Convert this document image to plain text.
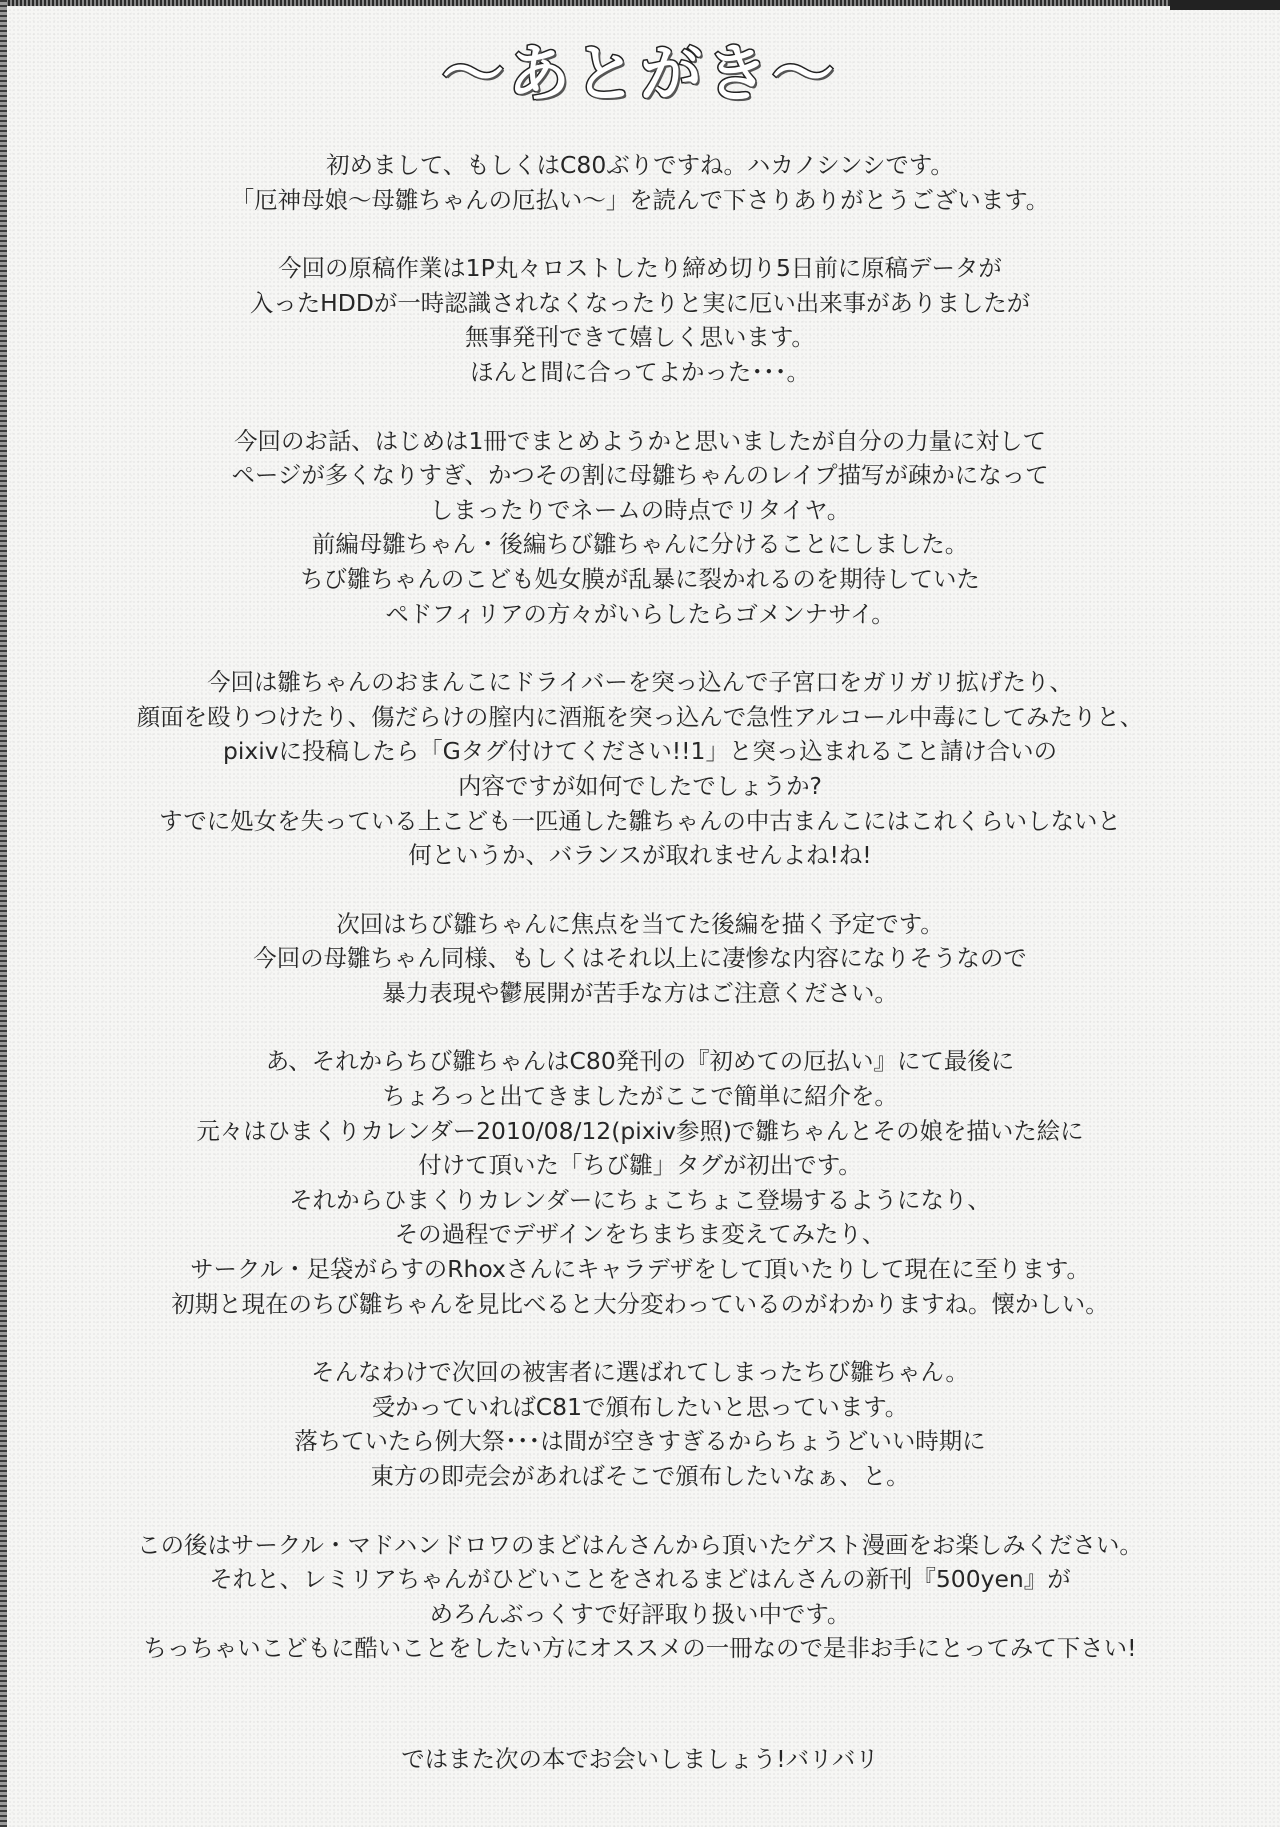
～あとがき～
初めまして、もしくはC80ぶりですね。ハカノシンシです。
「厄神母娘～母雛ちゃんの厄払い～」を読んで下さりありがとうございます。
今回の原稿作業は1P丸々ロストしたり締め切り5日前に原稿データが
入ったHDDが一時認識されなくなったりと実に厄い出来事がありましたが
無事発刊できて嬉しく思います。
ほんと間に合ってよかった･･･。
今回のお話、はじめは1冊でまとめようかと思いましたが自分の力量に対して
ページが多くなりすぎ、かつその割に母雛ちゃんのレイプ描写が疎かになって
しまったりでネームの時点でリタイヤ。
前編母雛ちゃん・後編ちび雛ちゃんに分けることにしました。
ちび雛ちゃんのこども処女膜が乱暴に裂かれるのを期待していた
ペドフィリアの方々がいらしたらゴメンナサイ。
今回は雛ちゃんのおまんこにドライバーを突っ込んで子宮口をガリガリ拡げたり、
顔面を殴りつけたり、傷だらけの膣内に酒瓶を突っ込んで急性アルコール中毒にしてみたりと、
pixivに投稿したら「Gタグ付けてください!!1」と突っ込まれること請け合いの
内容ですが如何でしたでしょうか?
すでに処女を失っている上こども一匹通した雛ちゃんの中古まんこにはこれくらいしないと
何というか、バランスが取れませんよね!ね!
次回はちび雛ちゃんに焦点を当てた後編を描く予定です。
今回の母雛ちゃん同様、もしくはそれ以上に凄惨な内容になりそうなので
暴力表現や鬱展開が苦手な方はご注意ください。
あ、それからちび雛ちゃんはC80発刊の『初めての厄払い』にて最後に
ちょろっと出てきましたがここで簡単に紹介を。
元々はひまくりカレンダー2010/08/12(pixiv参照)で雛ちゃんとその娘を描いた絵に
付けて頂いた「ちび雛」タグが初出です。
それからひまくりカレンダーにちょこちょこ登場するようになり、
その過程でデザインをちまちま変えてみたり、
サークル・足袋がらすのRhoxさんにキャラデザをして頂いたりして現在に至ります。
初期と現在のちび雛ちゃんを見比べると大分変わっているのがわかりますね。懐かしい。
そんなわけで次回の被害者に選ばれてしまったちび雛ちゃん。
受かっていればC81で頒布したいと思っています。
落ちていたら例大祭･･･は間が空きすぎるからちょうどいい時期に
東方の即売会があればそこで頒布したいなぁ、と。
この後はサークル・マドハンドロワのまどはんさんから頂いたゲスト漫画をお楽しみください。
それと、レミリアちゃんがひどいことをされるまどはんさんの新刊『500yen』が
めろんぶっくすで好評取り扱い中です。
ちっちゃいこどもに酷いことをしたい方にオススメの一冊なので是非お手にとってみて下さい!
ではまた次の本でお会いしましょう!バリバリ
